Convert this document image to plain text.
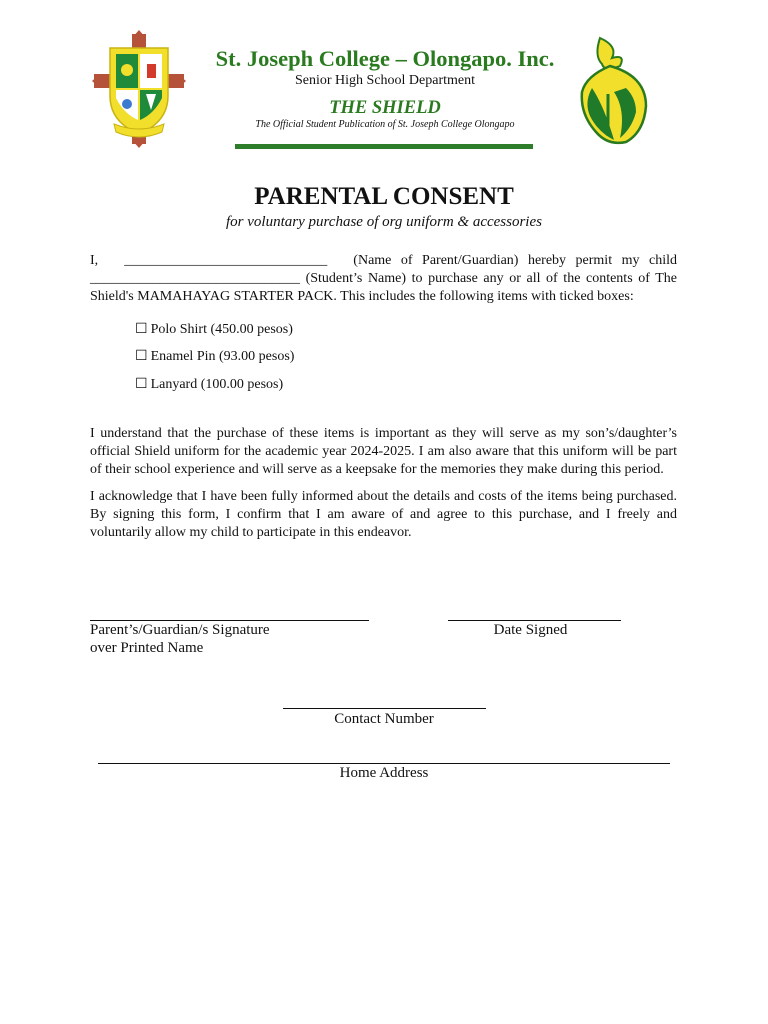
St. Joseph College – Olongapo. Inc.
Senior High School Department
THE SHIELD
The Official Student Publication of St. Joseph College Olongapo
PARENTAL CONSENT
for voluntary purchase of org uniform & accessories
I, _____________________________ (Name of Parent/Guardian) hereby permit my child
______________________________ (Student’s Name) to purchase any or all of the contents of The Shield's MAMAHAYAG STARTER PACK. This includes the following items with ticked boxes:
☐ Polo Shirt (450.00 pesos)
☐ Enamel Pin (93.00 pesos)
☐ Lanyard (100.00 pesos)

I understand that the purchase of these items is important as they will serve as my son’s/daughter’s official Shield uniform for the academic year 2024-2025. I am also aware that this uniform will be part of their school experience and will serve as a keepsake for the memories they make during this period.

I acknowledge that I have been fully informed about the details and costs of the items being purchased. By signing this form, I confirm that I am aware of and agree to this purchase, and I freely and voluntarily allow my child to participate in this endeavor.

Parent’s/Guardian/s Signature
over Printed Name
Date Signed
Contact Number
Home Address
